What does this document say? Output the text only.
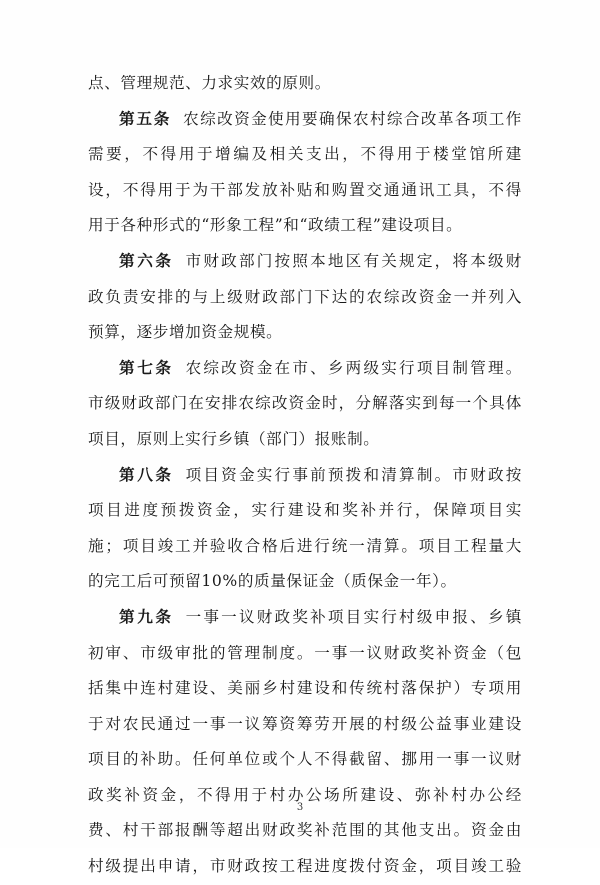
点、管理规范、力求实效的原则。
第五条 农综改资金使用要确保农村综合改革各项工作
需要，不得用于增编及相关支出，不得用于楼堂馆所建
设，不得用于为干部发放补贴和购置交通通讯工具，不得
用于各种形式的“形象工程”和“政绩工程”建设项目。
第六条 市财政部门按照本地区有关规定，将本级财
政负责安排的与上级财政部门下达的农综改资金一并列入
预算，逐步增加资金规模。
第七条 农综改资金在市、乡两级实行项目制管理。
市级财政部门在安排农综改资金时，分解落实到每一个具体
项目，原则上实行乡镇（部门）报账制。
第八条 项目资金实行事前预拨和清算制。市财政按
项目进度预拨资金，实行建设和奖补并行，保障项目实
施；项目竣工并验收合格后进行统一清算。项目工程量大
的完工后可预留10%的质量保证金（质保金一年）。
第九条 一事一议财政奖补项目实行村级申报、乡镇
初审、市级审批的管理制度。一事一议财政奖补资金（包
括集中连村建设、美丽乡村建设和传统村落保护）专项用
于对农民通过一事一议筹资筹劳开展的村级公益事业建设
项目的补助。任何单位或个人不得截留、挪用一事一议财
政奖补资金，不得用于村办公场所建设、弥补村办公经
费、村干部报酬等超出财政奖补范围的其他支出。资金由
村级提出申请，市财政按工程进度拨付资金，项目竣工验
3
